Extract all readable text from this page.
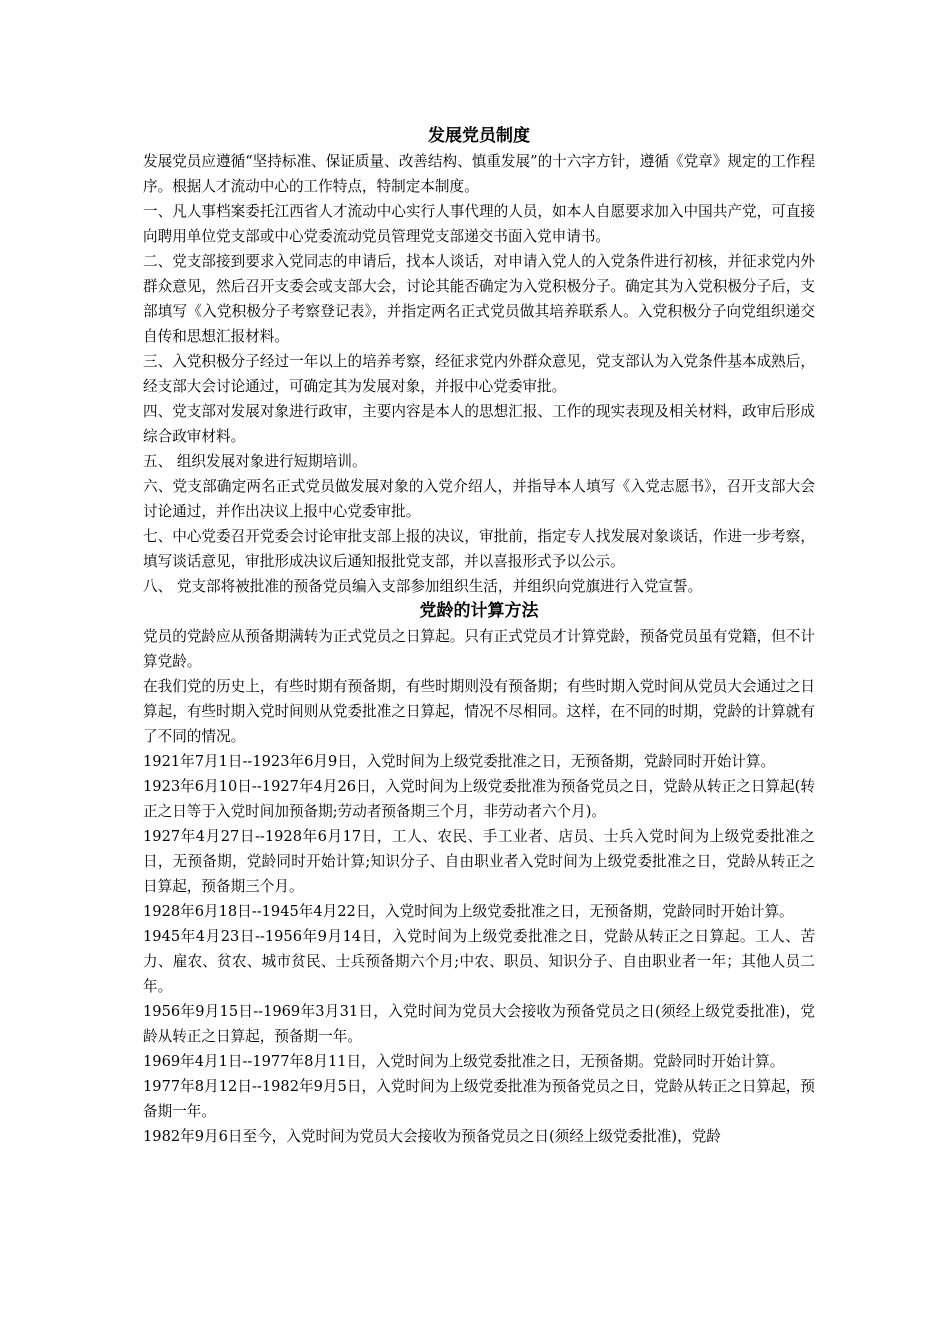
发展党员制度

发展党员应遵循“坚持标准、保证质量、改善结构、慎重发展”的十六字方针，遵循《党章》规定的工作程序。根据人才流动中心的工作特点，特制定本制度。

一、凡人事档案委托江西省人才流动中心实行人事代理的人员，如本人自愿要求加入中国共产党，可直接向聘用单位党支部或中心党委流动党员管理党支部递交书面入党申请书。

二、党支部接到要求入党同志的申请后，找本人谈话，对申请入党人的入党条件进行初核，并征求党内外群众意见，然后召开支委会或支部大会，讨论其能否确定为入党积极分子。确定其为入党积极分子后，支部填写《入党积极分子考察登记表》，并指定两名正式党员做其培养联系人。入党积极分子向党组织递交自传和思想汇报材料。

三、入党积极分子经过一年以上的培养考察，经征求党内外群众意见，党支部认为入党条件基本成熟后，经支部大会讨论通过，可确定其为发展对象，并报中心党委审批。

四、党支部对发展对象进行政审，主要内容是本人的思想汇报、工作的现实表现及相关材料，政审后形成综合政审材料。

五、 组织发展对象进行短期培训。

六、党支部确定两名正式党员做发展对象的入党介绍人，并指导本人填写《入党志愿书》，召开支部大会讨论通过，并作出决议上报中心党委审批。

七、中心党委召开党委会讨论审批支部上报的决议，审批前，指定专人找发展对象谈话，作进一步考察，填写谈话意见，审批形成决议后通知报批党支部，并以喜报形式予以公示。

八、 党支部将被批准的预备党员编入支部参加组织生活，并组织向党旗进行入党宣誓。

党龄的计算方法

党员的党龄应从预备期满转为正式党员之日算起。只有正式党员才计算党龄，预备党员虽有党籍，但不计算党龄。

在我们党的历史上，有些时期有预备期，有些时期则没有预备期；有些时期入党时间从党员大会通过之日算起，有些时期入党时间则从党委批准之日算起，情况不尽相同。这样，在不同的时期，党龄的计算就有了不同的情况。

1921年7月1日--1923年6月9日，入党时间为上级党委批准之日，无预备期，党龄同时开始计算。

1923年6月10日--1927年4月26日，入党时间为上级党委批准为预备党员之日，党龄从转正之日算起(转正之日等于入党时间加预备期;劳动者预备期三个月，非劳动者六个月)。

1927年4月27日--1928年6月17日，工人、农民、手工业者、店员、士兵入党时间为上级党委批准之日，无预备期，党龄同时开始计算;知识分子、自由职业者入党时间为上级党委批准之日，党龄从转正之日算起，预备期三个月。

1928年6月18日--1945年4月22日，入党时间为上级党委批准之日，无预备期，党龄同时开始计算。

1945年4月23日--1956年9月14日，入党时间为上级党委批准之日，党龄从转正之日算起。工人、苦力、雇农、贫农、城市贫民、士兵预备期六个月;中农、职员、知识分子、自由职业者一年；其他人员二年。

1956年9月15日--1969年3月31日，入党时间为党员大会接收为预备党员之日(须经上级党委批准)，党龄从转正之日算起，预备期一年。

1969年4月1日--1977年8月11日，入党时间为上级党委批准之日，无预备期。党龄同时开始计算。

1977年8月12日--1982年9月5日，入党时间为上级党委批准为预备党员之日，党龄从转正之日算起，预备期一年。

1982年9月6日至今，入党时间为党员大会接收为预备党员之日(须经上级党委批准)，党龄
